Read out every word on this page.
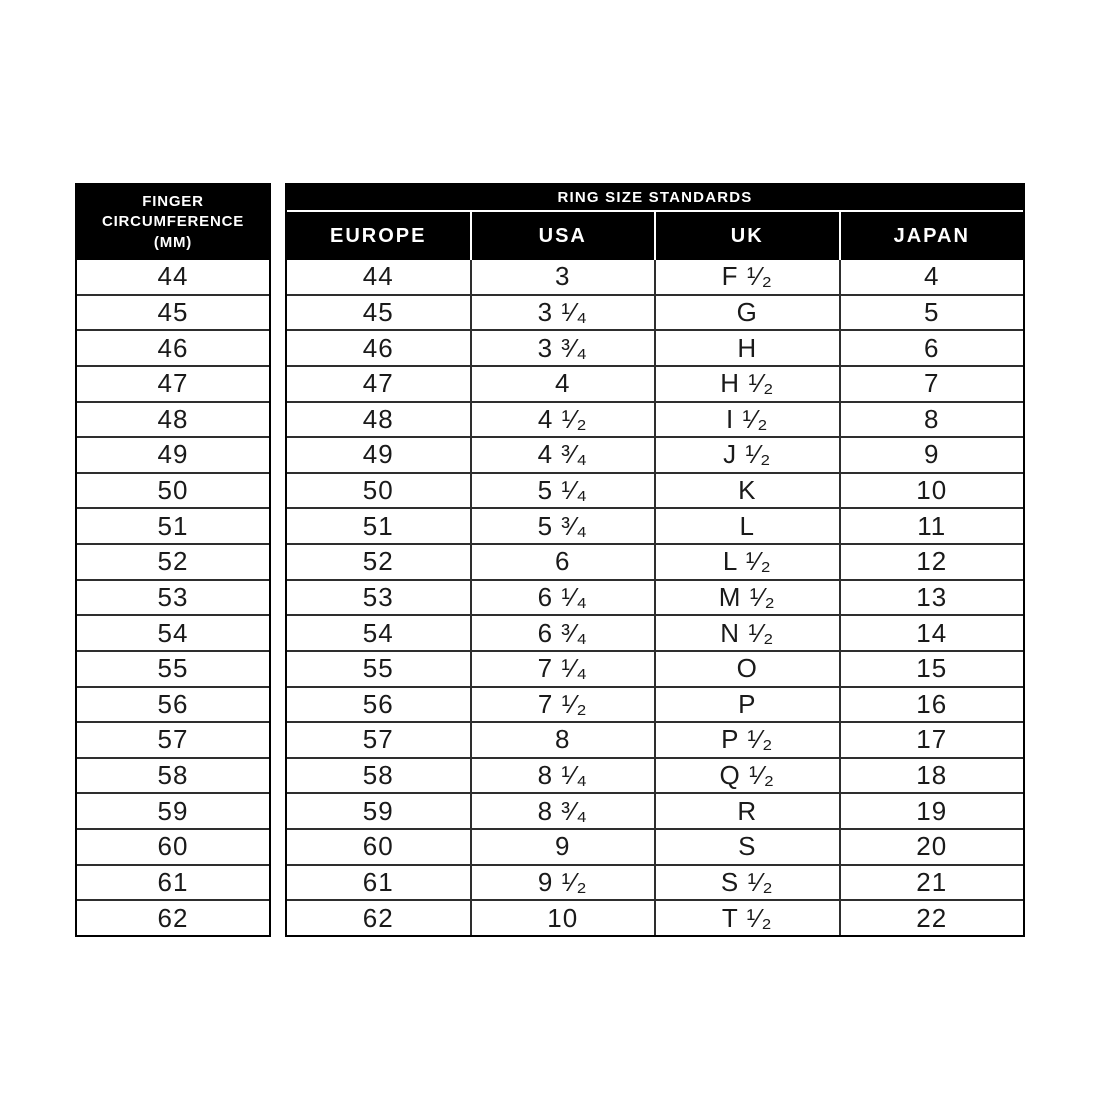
FINGER
CIRCUMFERENCE
(MM)
44
45
46
47
48
49
50
51
52
53
54
55
56
57
58
59
60
61
62
RING SIZE STANDARDS
EUROPE	USA	UK	JAPAN
44	3	F ¹⁄₂	4
45	3 ¹⁄₄	G	5
46	3 ³⁄₄	H	6
47	4	H ¹⁄₂	7
48	4 ¹⁄₂	I ¹⁄₂	8
49	4 ³⁄₄	J ¹⁄₂	9
50	5 ¹⁄₄	K	10
51	5 ³⁄₄	L	11
52	6	L ¹⁄₂	12
53	6 ¹⁄₄	M ¹⁄₂	13
54	6 ³⁄₄	N ¹⁄₂	14
55	7 ¹⁄₄	O	15
56	7 ¹⁄₂	P	16
57	8	P ¹⁄₂	17
58	8 ¹⁄₄	Q ¹⁄₂	18
59	8 ³⁄₄	R	19
60	9	S	20
61	9 ¹⁄₂	S ¹⁄₂	21
62	10	T ¹⁄₂	22
